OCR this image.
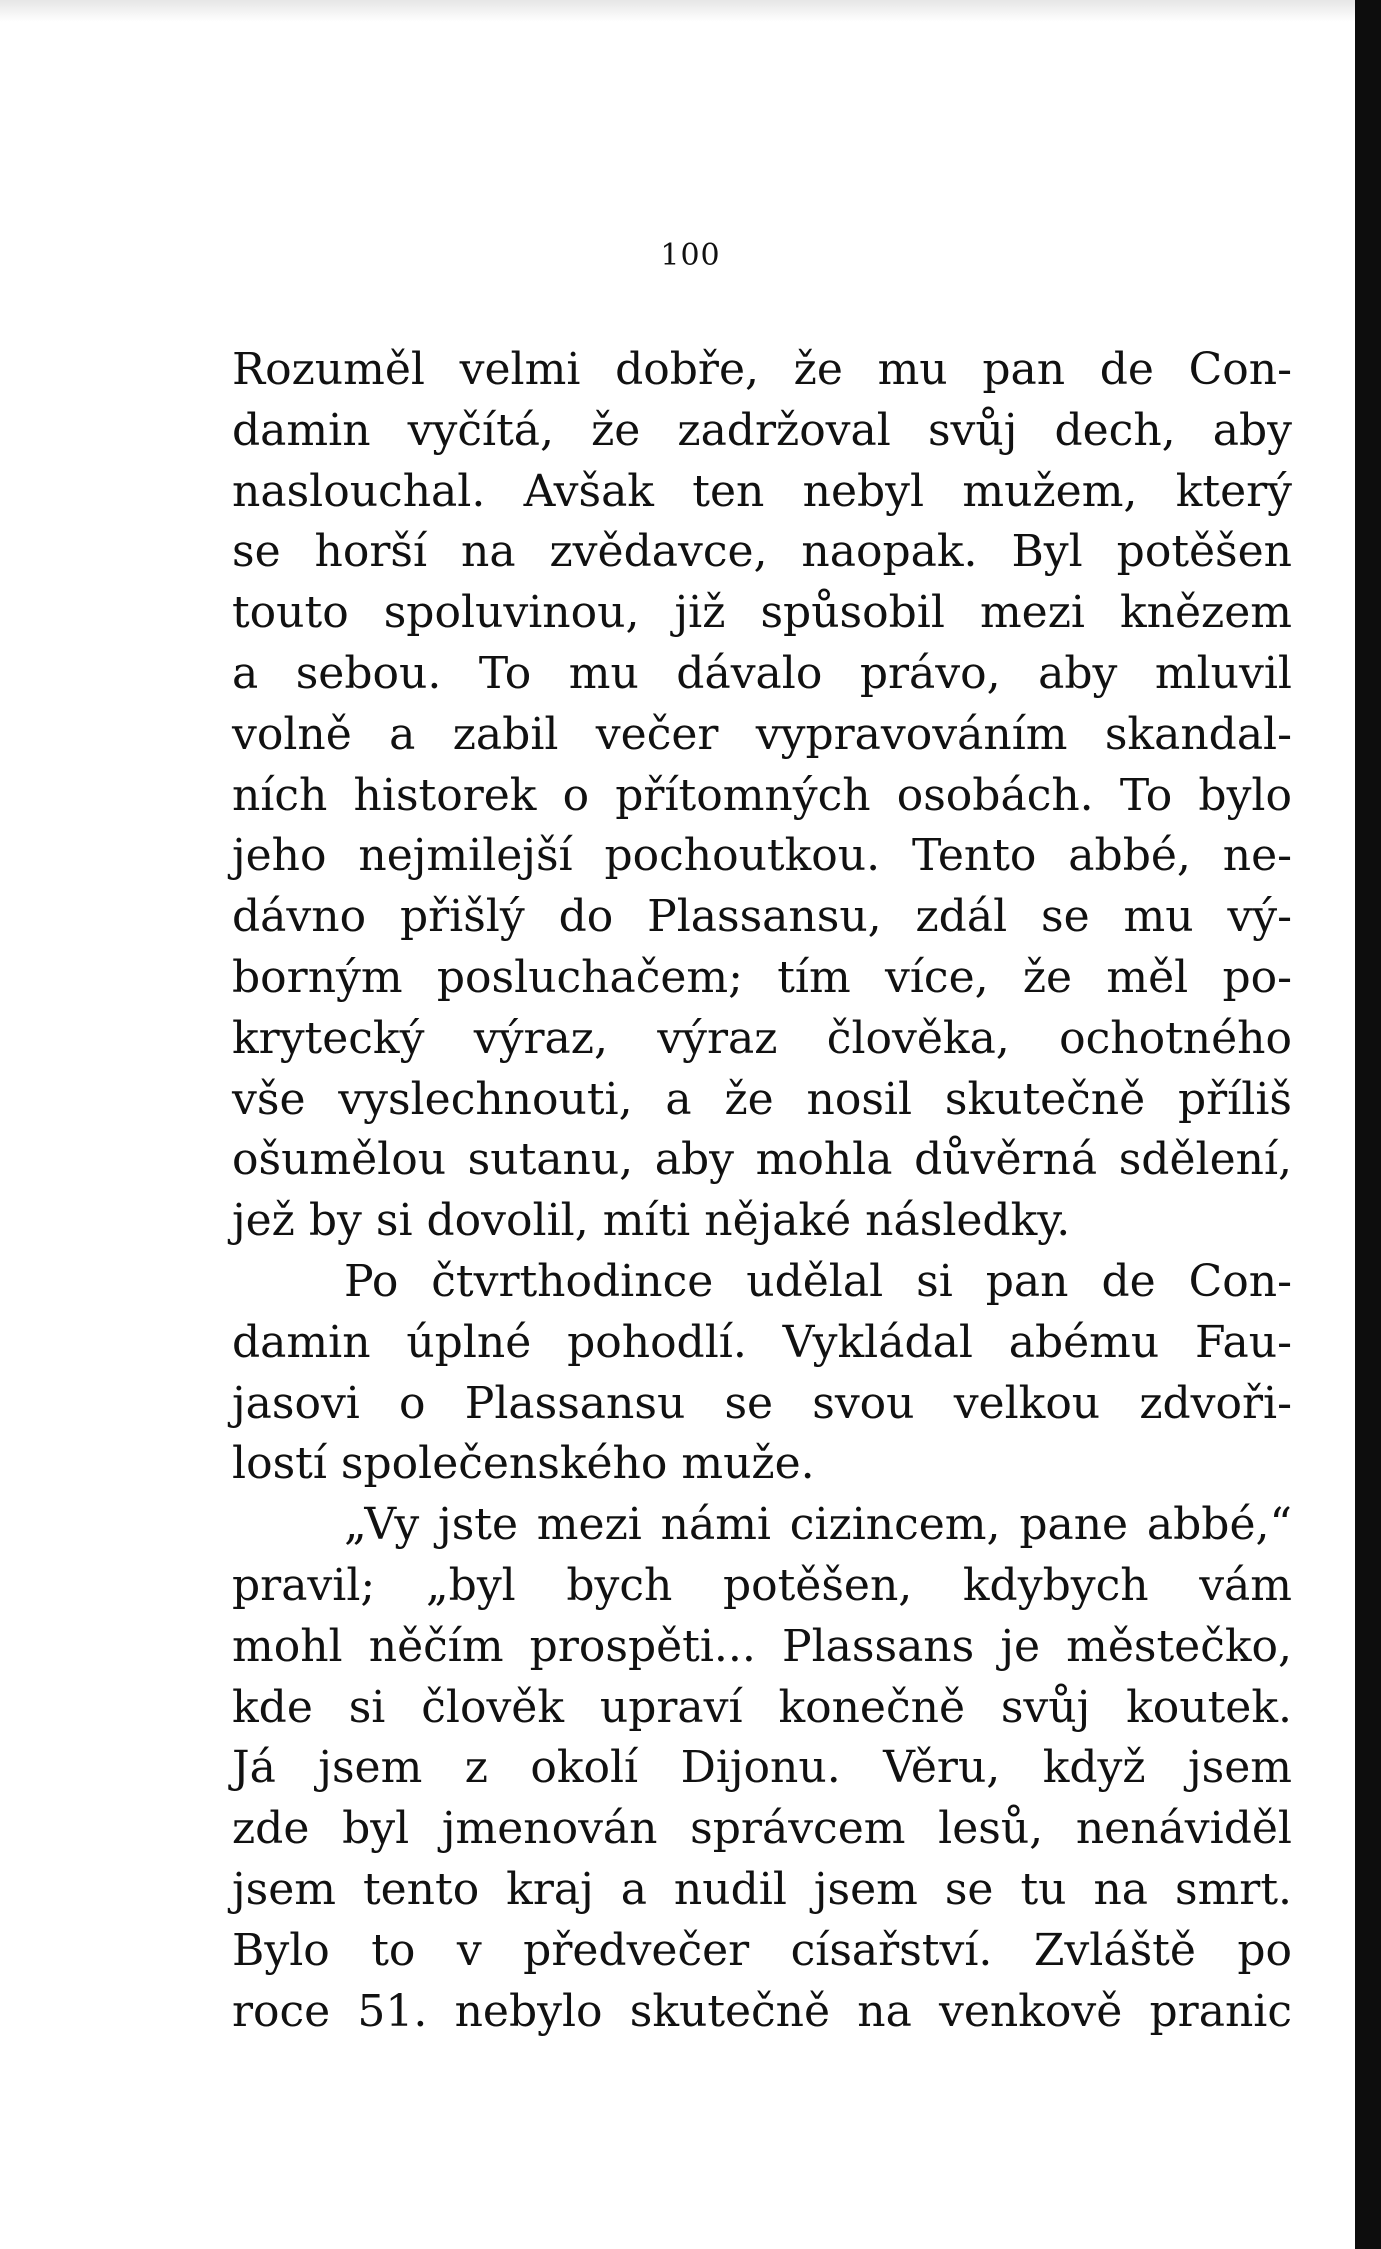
100
Rozuměl velmi dobře, že mu pan de Con-
damin vyčítá, že zadržoval svůj dech, aby
naslouchal. Avšak ten nebyl mužem, který
se horší na zvědavce, naopak. Byl potěšen
touto spoluvinou, již spůsobil mezi knězem
a sebou. To mu dávalo právo, aby mluvil
volně a zabil večer vypravováním skandal-
ních historek o přítomných osobách. To bylo
jeho nejmilejší pochoutkou. Tento abbé, ne-
dávno přišlý do Plassansu, zdál se mu vý-
borným posluchačem; tím více, že měl po-
krytecký výraz, výraz člověka, ochotného
vše vyslechnouti, a že nosil skutečně příliš
ošumělou sutanu, aby mohla důvěrná sdělení,
jež by si dovolil, míti nějaké následky.
Po čtvrthodince udělal si pan de Con-
damin úplné pohodlí. Vykládal abému Fau-
jasovi o Plassansu se svou velkou zdvoři-
lostí společenského muže.
„Vy jste mezi námi cizincem, pane abbé,“
pravil; „byl bych potěšen, kdybych vám
mohl něčím prospěti... Plassans je městečko,
kde si člověk upraví konečně svůj koutek.
Já jsem z okolí Dijonu. Věru, když jsem
zde byl jmenován správcem lesů, nenáviděl
jsem tento kraj a nudil jsem se tu na smrt.
Bylo to v předvečer císařství. Zvláště po
roce 51. nebylo skutečně na venkově pranic
